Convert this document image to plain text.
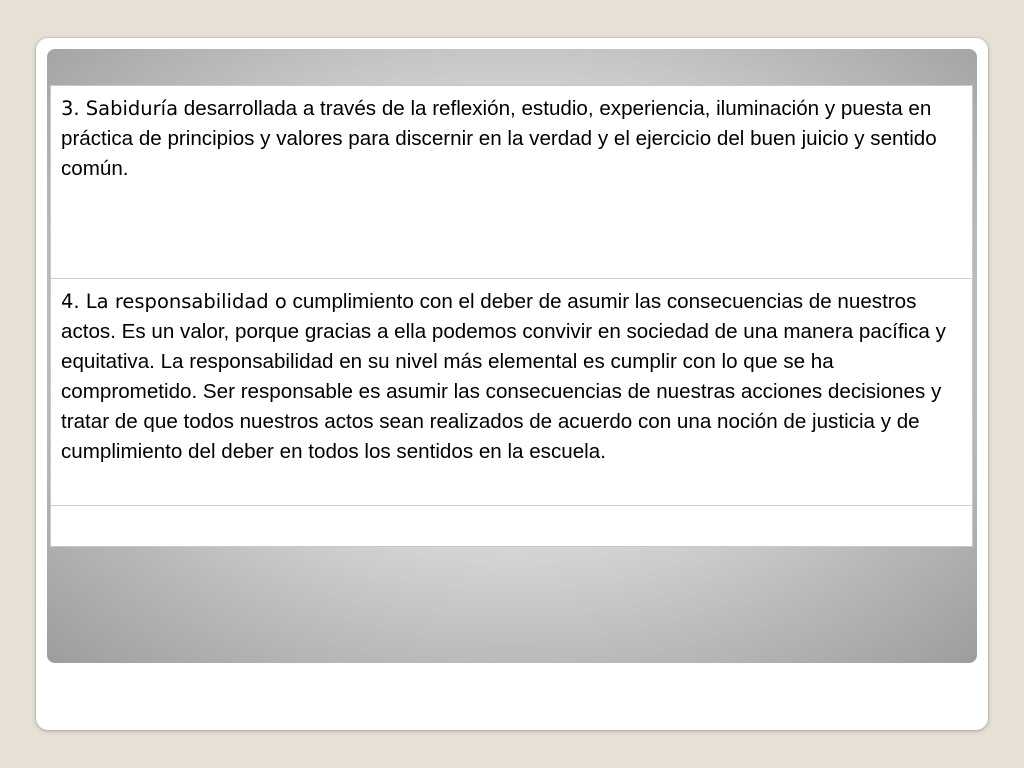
3. Sabiduría desarrollada a través de la reflexión, estudio, experiencia, iluminación y puesta en práctica de principios y valores para discernir en la verdad y el ejercicio del buen juicio y sentido común.

4. La responsabilidad o cumplimiento con el deber de asumir las consecuencias de nuestros actos. Es un valor, porque gracias a ella podemos convivir en sociedad de una manera pacífica y equitativa. La responsabilidad en su nivel más elemental es cumplir con lo que se ha comprometido. Ser responsable es asumir las consecuencias de nuestras acciones decisiones y tratar de que todos nuestros actos sean realizados de acuerdo con una noción de justicia y de cumplimiento del deber en todos los sentidos en la escuela.
